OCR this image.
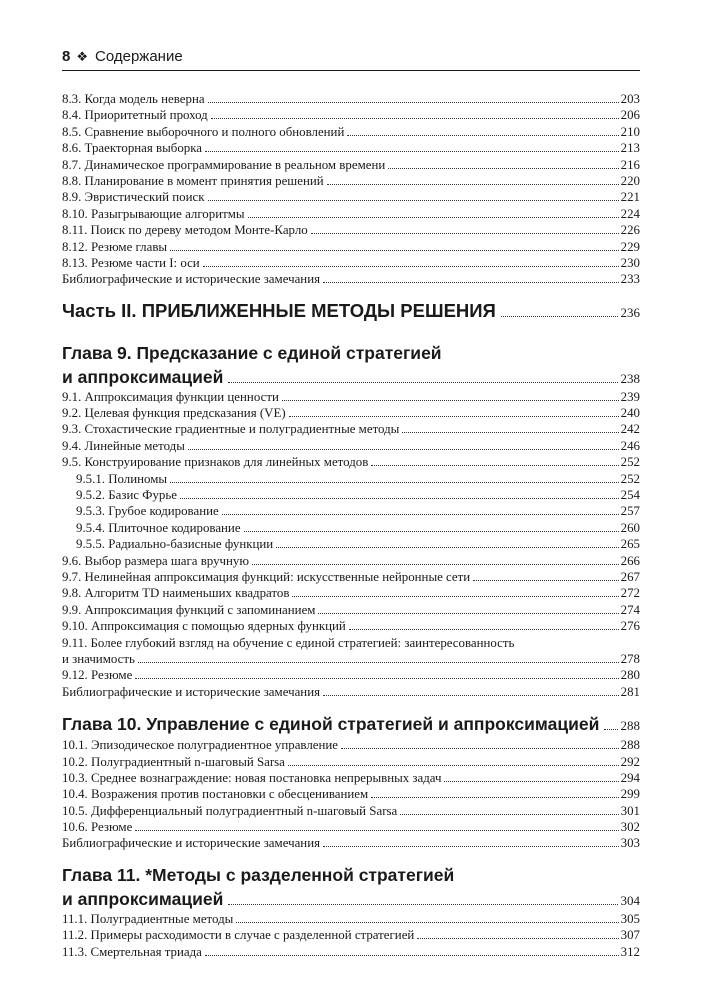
8 ❖ Содержание
8.3. Когда модель неверна	203
8.4. Приоритетный проход	206
8.5. Сравнение выборочного и полного обновлений	210
8.6. Траекторная выборка	213
8.7. Динамическое программирование в реальном времени	216
8.8. Планирование в момент принятия решений	220
8.9. Эвристический поиск	221
8.10. Разыгрывающие алгоритмы	224
8.11. Поиск по дереву методом Монте-Карло	226
8.12. Резюме главы	229
8.13. Резюме части I: оси	230
Библиографические и исторические замечания	233
Часть II. ПРИБЛИЖЕННЫЕ МЕТОДЫ РЕШЕНИЯ	236
Глава 9. Предсказание с единой стратегией
и аппроксимацией	238
9.1. Аппроксимация функции ценности	239
9.2. Целевая функция предсказания (VE)	240
9.3. Стохастические градиентные и полуградиентные методы	242
9.4. Линейные методы	246
9.5. Конструирование признаков для линейных методов	252
9.5.1. Полиномы	252
9.5.2. Базис Фурье	254
9.5.3. Грубое кодирование	257
9.5.4. Плиточное кодирование	260
9.5.5. Радиально-базисные функции	265
9.6. Выбор размера шага вручную	266
9.7. Нелинейная аппроксимация функций: искусственные нейронные сети	267
9.8. Алгоритм TD наименьших квадратов	272
9.9. Аппроксимация функций с запоминанием	274
9.10. Аппроксимация с помощью ядерных функций	276
9.11. Более глубокий взгляд на обучение с единой стратегией: заинтересованность
и значимость	278
9.12. Резюме	280
Библиографические и исторические замечания	281
Глава 10. Управление с единой стратегией и аппроксимацией 288
10.1. Эпизодическое полуградиентное управление	288
10.2. Полуградиентный n-шаговый Sarsa	292
10.3. Среднее вознаграждение: новая постановка непрерывных задач	294
10.4. Возражения против постановки с обесцениванием	299
10.5. Дифференциальный полуградиентный n-шаговый Sarsa	301
10.6. Резюме	302
Библиографические и исторические замечания	303
Глава 11. *Методы с разделенной стратегией
и аппроксимацией	304
11.1. Полуградиентные методы	305
11.2. Примеры расходимости в случае с разделенной стратегией	307
11.3. Смертельная триада	312
